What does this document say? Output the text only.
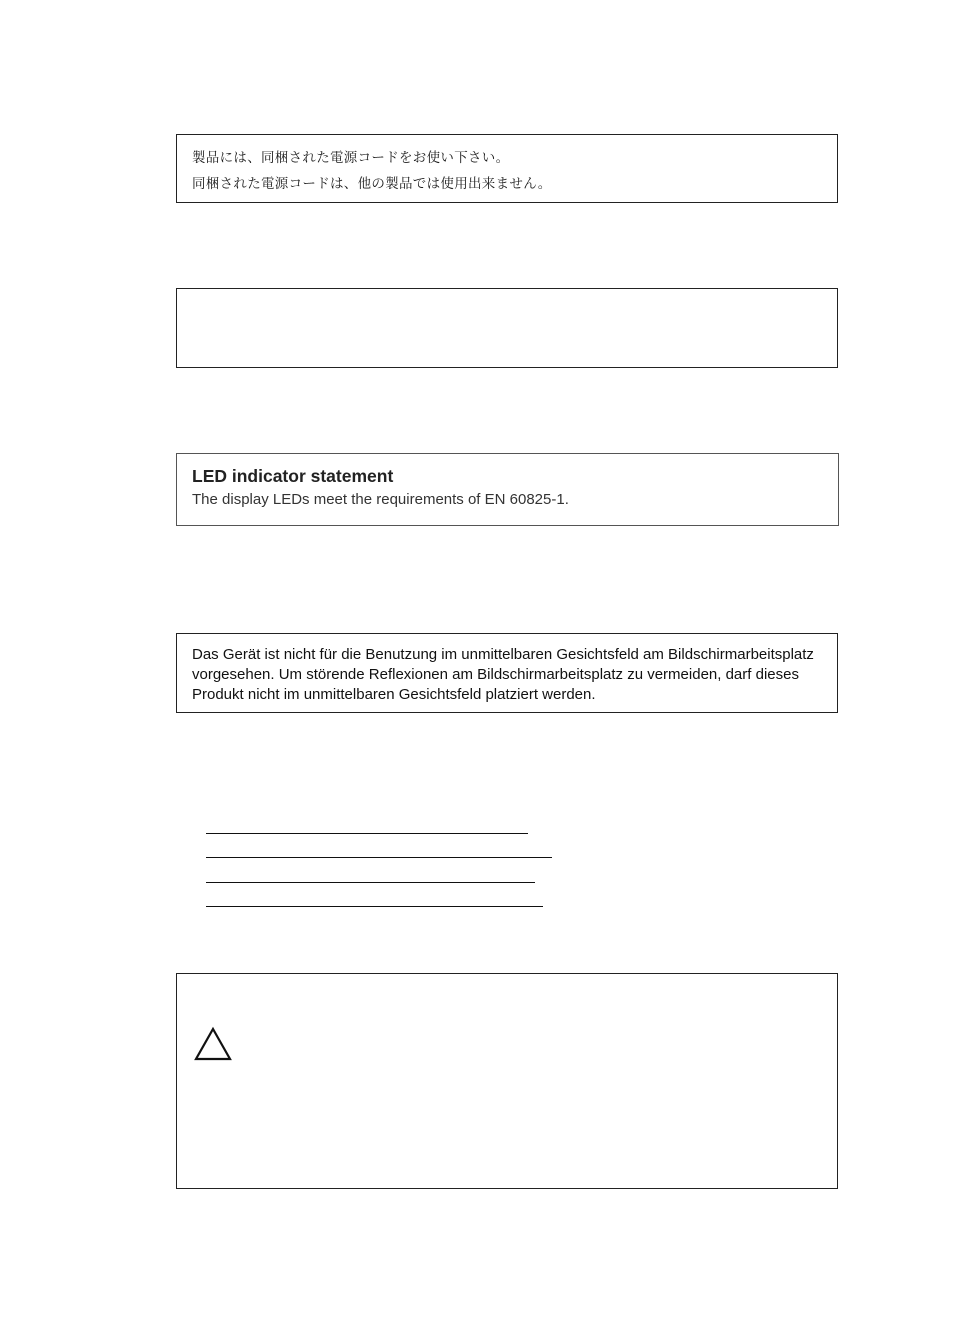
製品には、同梱された電源コードをお使い下さい。
同梱された電源コードは、他の製品では使用出来ません。
LED indicator statement
The display LEDs meet the requirements of EN 60825-1.
Das Gerät ist nicht für die Benutzung im unmittelbaren Gesichtsfeld am Bildschirmarbeitsplatz vorgesehen. Um störende Reflexionen am Bildschirmarbeitsplatz zu vermeiden, darf dieses Produkt nicht im unmittelbaren Gesichtsfeld platziert werden.
